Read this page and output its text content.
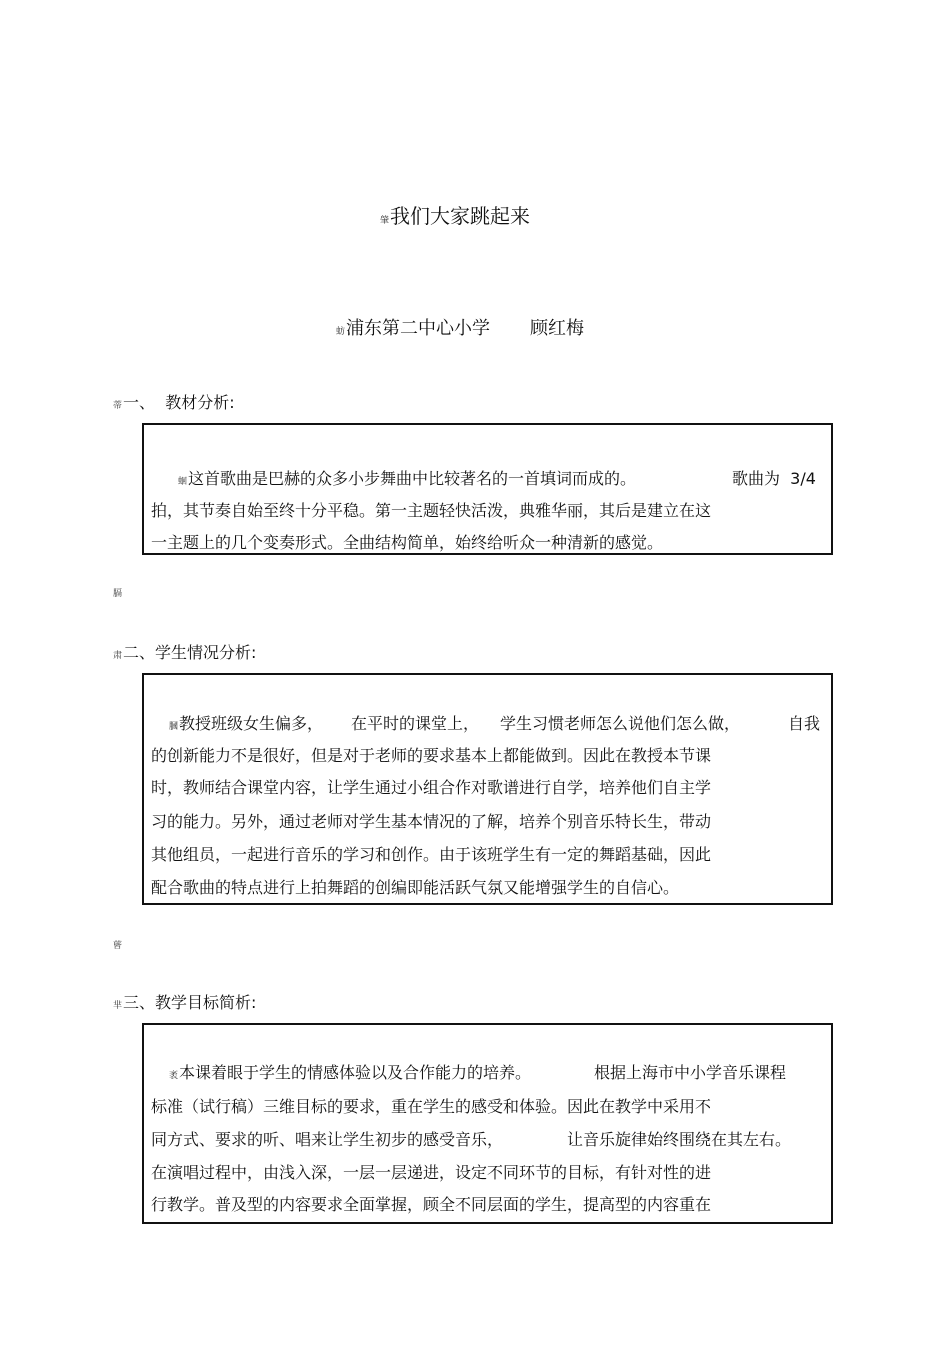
肇我们大家跳起来
蚄浦东第二中心小学 顾红梅
蒂一、  教材分析:
蛔这首歌曲是巴赫的众多小步舞曲中比较著名的一首填词而成的。	歌曲为  3/4
拍，其节奏自始至终十分平稳。第一主题轻快活泼，典雅华丽，其后是建立在这
一主题上的几个变奏形式。全曲结构简单，始终给听众一种清新的感觉。
膈
肃二、学生情况分析:
膕教授班级女生偏多， 在平时的课堂上， 学生习惯老师怎么说他们怎么做，	自我
的创新能力不是很好，但是对于老师的要求基本上都能做到。因此在教授本节课
时，教师结合课堂内容，让学生通过小组合作对歌谱进行自学，培养他们自主学
习的能力。另外，通过老师对学生基本情况的了解，培养个别音乐特长生，带动
其他组员，一起进行音乐的学习和创作。由于该班学生有一定的舞蹈基础，因此
配合歌曲的特点进行上拍舞蹈的创编即能活跃气氛又能增强学生的自信心。
蒈
芈三、教学目标简析:
袤本课着眼于学生的情感体验以及合作能力的培养。	根据上海市中小学音乐课程
标准（试行稿）三维目标的要求，重在学生的感受和体验。因此在教学中采用不
同方式、要求的听、唱来让学生初步的感受音乐，	让音乐旋律始终围绕在其左右。
在演唱过程中，由浅入深，一层一层递进，设定不同环节的目标，有针对性的进
行教学。普及型的内容要求全面掌握，顾全不同层面的学生，提高型的内容重在
